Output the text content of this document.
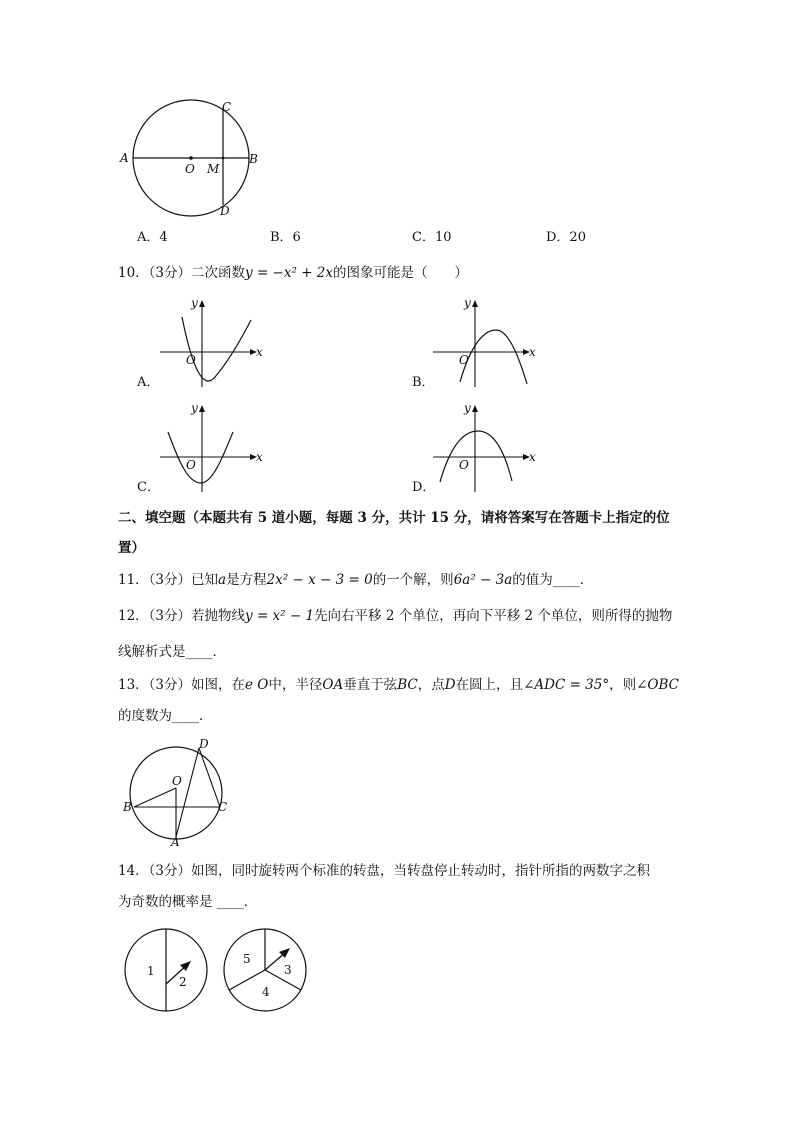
A	B
C
D
O M
A．4	B．6	C．10	D．20
10．（3分）二次函数y = −x² + 2x的图象可能是（　　）
y
x
O
A．
y
x
O
B．
y
x
O
C．
y
x
O
D．
二、填空题（本题共有 5 道小题，每题 3 分，共计 15 分，请将答案写在答题卡上指定的位
置）
11．（3分）已知a是方程2x² − x − 3 = 0的一个解，则6a² − 3a的值为____．
12．（3分）若抛物线y = x² − 1先向右平移 2 个单位，再向下平移 2 个单位，则所得的抛物
线解析式是____．
13．（3分）如图，在e O中，半径OA垂直于弦BC，点D在圆上，且∠ADC = 35°，则∠OBC
的度数为____．
O
D
B	C
A
14．（3分）如图，同时旋转两个标准的转盘，当转盘停止转动时，指针所指的两数字之积
为奇数的概率是 ____．
1
2
5
3
4
